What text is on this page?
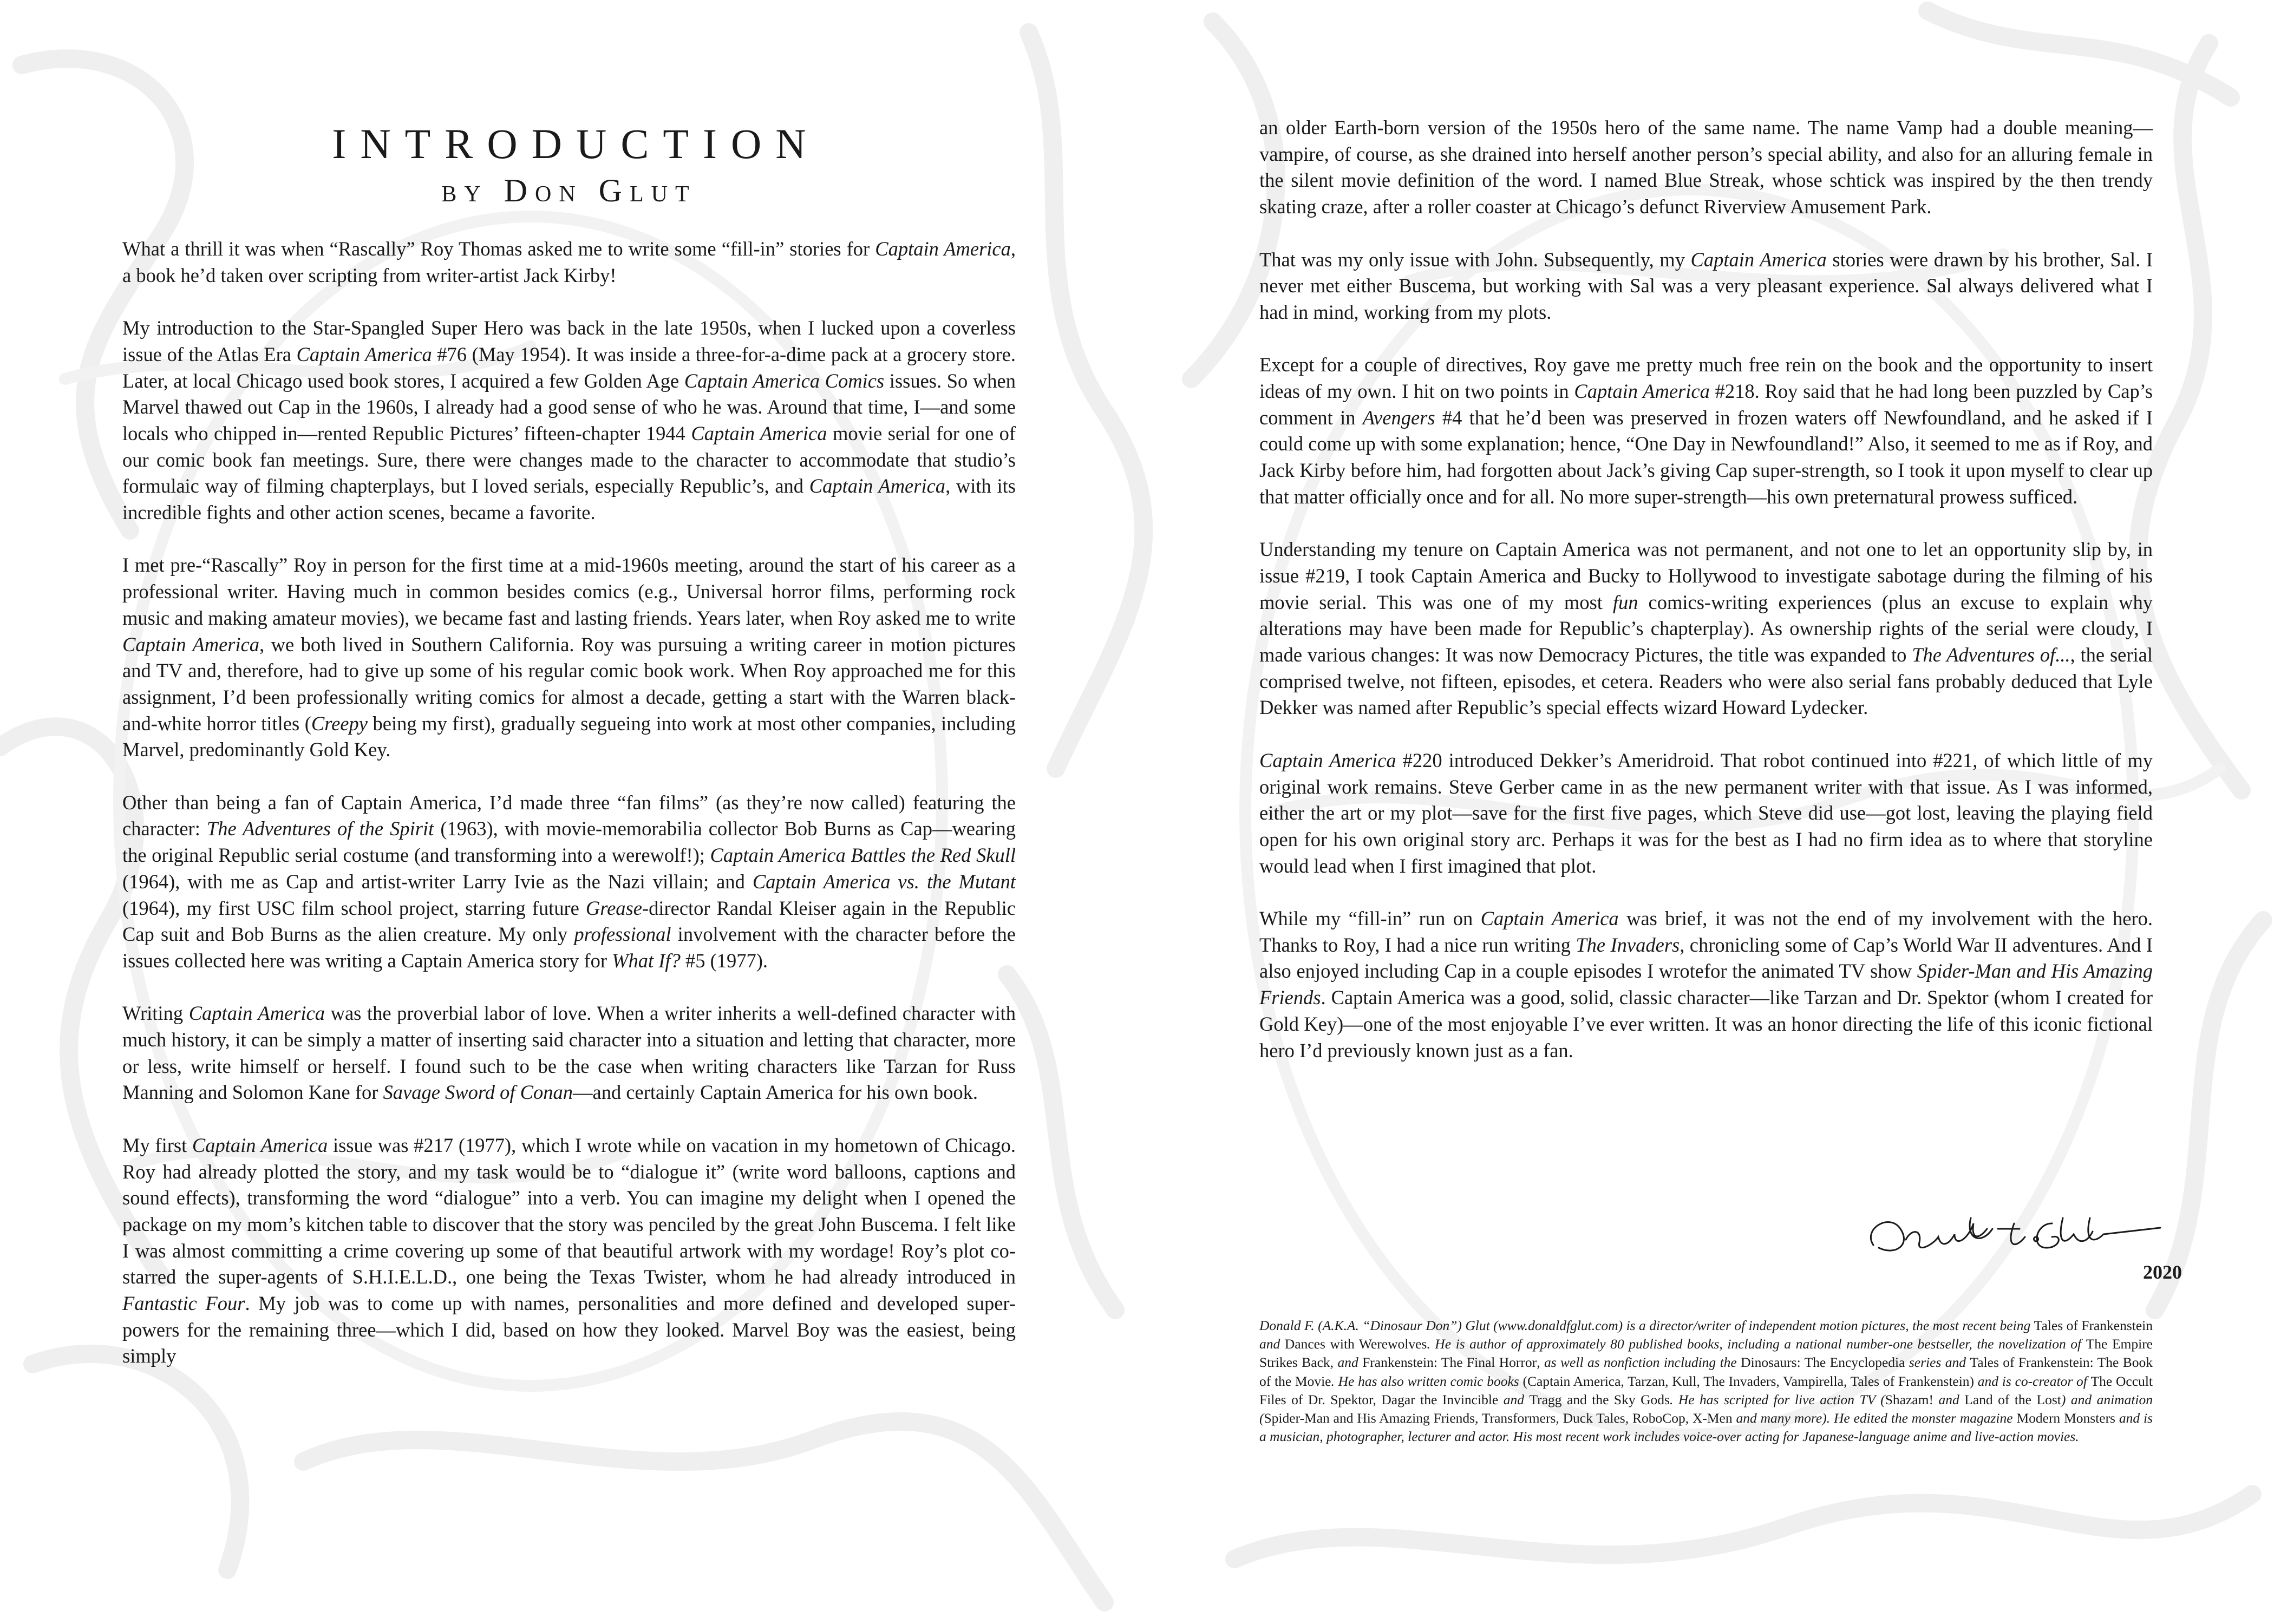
INTRODUCTION
by Don Glut

What a thrill it was when “Rascally” Roy Thomas asked me to write some “fill-in” stories for Captain America, a book he’d taken over scripting from writer-artist Jack Kirby!

My introduction to the Star-Spangled Super Hero was back in the late 1950s, when I lucked upon a coverless issue of the Atlas Era Captain America #76 (May 1954). It was inside a three-for-a-dime pack at a grocery store. Later, at local Chicago used book stores, I acquired a few Golden Age Captain America Comics issues. So when Marvel thawed out Cap in the 1960s, I already had a good sense of who he was. Around that time, I—and some locals who chipped in—rented Republic Pictures’ fifteen-chapter 1944 Captain America movie serial for one of our comic book fan meetings. Sure, there were changes made to the character to accommodate that studio’s formulaic way of filming chapterplays, but I loved serials, especially Republic’s, and Captain America, with its incredible fights and other action scenes, became a favorite.

I met pre-“Rascally” Roy in person for the first time at a mid-1960s meeting, around the start of his career as a professional writer. Having much in common besides comics (e.g., Universal horror films, performing rock music and making amateur movies), we became fast and lasting friends. Years later, when Roy asked me to write Captain America, we both lived in Southern California. Roy was pursuing a writing career in motion pictures and TV and, therefore, had to give up some of his regular comic book work. When Roy approached me for this assignment, I’d been professionally writing comics for almost a decade, getting a start with the Warren black-and-white horror titles (Creepy being my first), gradually segueing into work at most other companies, including Marvel, predominantly Gold Key.

Other than being a fan of Captain America, I’d made three “fan films” (as they’re now called) featuring the character: The Adventures of the Spirit (1963), with movie-memorabilia collector Bob Burns as Cap—wearing the original Republic serial costume (and transforming into a werewolf!); Captain America Battles the Red Skull (1964), with me as Cap and artist-writer Larry Ivie as the Nazi villain; and Captain America vs. the Mutant (1964), my first USC film school project, starring future Grease-director Randal Kleiser again in the Republic Cap suit and Bob Burns as the alien creature. My only professional involvement with the character before the issues collected here was writing a Captain America story for What If? #5 (1977).

Writing Captain America was the proverbial labor of love. When a writer inherits a well-defined character with much history, it can be simply a matter of inserting said character into a situation and letting that character, more or less, write himself or herself. I found such to be the case when writing characters like Tarzan for Russ Manning and Solomon Kane for Savage Sword of Conan—and certainly Captain America for his own book.

My first Captain America issue was #217 (1977), which I wrote while on vacation in my hometown of Chicago. Roy had already plotted the story, and my task would be to “dialogue it” (write word balloons, captions and sound effects), transforming the word “dialogue” into a verb. You can imagine my delight when I opened the package on my mom’s kitchen table to discover that the story was penciled by the great John Buscema. I felt like I was almost committing a crime covering up some of that beautiful artwork with my wordage! Roy’s plot co-starred the super-agents of S.H.I.E.L.D., one being the Texas Twister, whom he had already introduced in Fantastic Four. My job was to come up with names, personalities and more defined and developed super-powers for the remaining three—which I did, based on how they looked. Marvel Boy was the easiest, being simply

an older Earth-born version of the 1950s hero of the same name. The name Vamp had a double meaning—vampire, of course, as she drained into herself another person’s special ability, and also for an alluring female in the silent movie definition of the word. I named Blue Streak, whose schtick was inspired by the then trendy skating craze, after a roller coaster at Chicago’s defunct Riverview Amusement Park.

That was my only issue with John. Subsequently, my Captain America stories were drawn by his brother, Sal. I never met either Buscema, but working with Sal was a very pleasant experience. Sal always delivered what I had in mind, working from my plots.

Except for a couple of directives, Roy gave me pretty much free rein on the book and the opportunity to insert ideas of my own. I hit on two points in Captain America #218. Roy said that he had long been puzzled by Cap’s comment in Avengers #4 that he’d been was preserved in frozen waters off Newfoundland, and he asked if I could come up with some explanation; hence, “One Day in Newfoundland!” Also, it seemed to me as if Roy, and Jack Kirby before him, had forgotten about Jack’s giving Cap super-strength, so I took it upon myself to clear up that matter officially once and for all. No more super-strength—his own preternatural prowess sufficed.

Understanding my tenure on Captain America was not permanent, and not one to let an opportunity slip by, in issue #219, I took Captain America and Bucky to Hollywood to investigate sabotage during the filming of his movie serial. This was one of my most fun comics-writing experiences (plus an excuse to explain why alterations may have been made for Republic’s chapterplay). As ownership rights of the serial were cloudy, I made various changes: It was now Democracy Pictures, the title was expanded to The Adventures of..., the serial comprised twelve, not fifteen, episodes, et cetera. Readers who were also serial fans probably deduced that Lyle Dekker was named after Republic’s special effects wizard Howard Lydecker.

Captain America #220 introduced Dekker’s Ameridroid. That robot continued into #221, of which little of my original work remains. Steve Gerber came in as the new permanent writer with that issue. As I was informed, either the art or my plot—save for the first five pages, which Steve did use—got lost, leaving the playing field open for his own original story arc. Perhaps it was for the best as I had no firm idea as to where that storyline would lead when I first imagined that plot.

While my “fill-in” run on Captain America was brief, it was not the end of my involvement with the hero. Thanks to Roy, I had a nice run writing The Invaders, chronicling some of Cap’s World War II adventures. And I also enjoyed including Cap in a couple episodes I wrotefor the animated TV show Spider-Man and His Amazing Friends. Captain America was a good, solid, classic character—like Tarzan and Dr. Spektor (whom I created for Gold Key)—one of the most enjoyable I’ve ever written. It was an honor directing the life of this iconic fictional hero I’d previously known just as a fan.

2020
Donald F. (A.K.A. “Dinosaur Don”) Glut (www.donaldfglut.com) is a director/writer of independent motion pictures, the most recent being Tales of Frankenstein and Dances with Werewolves. He is author of approximately 80 published books, including a national number-one bestseller, the novelization of The Empire Strikes Back, and Frankenstein: The Final Horror, as well as nonfiction including the Dinosaurs: The Encyclopedia series and Tales of Frankenstein: The Book of the Movie. He has also written comic books (Captain America, Tarzan, Kull, The Invaders, Vampirella, Tales of Frankenstein) and is co-creator of The Occult Files of Dr. Spektor, Dagar the Invincible and Tragg and the Sky Gods. He has scripted for live action TV (Shazam! and Land of the Lost) and animation (Spider-Man and His Amazing Friends, Transformers, Duck Tales, RoboCop, X-Men and many more). He edited the monster magazine Modern Monsters and is a musician, photographer, lecturer and actor. His most recent work includes voice-over acting for Japanese-language anime and live-action movies.
